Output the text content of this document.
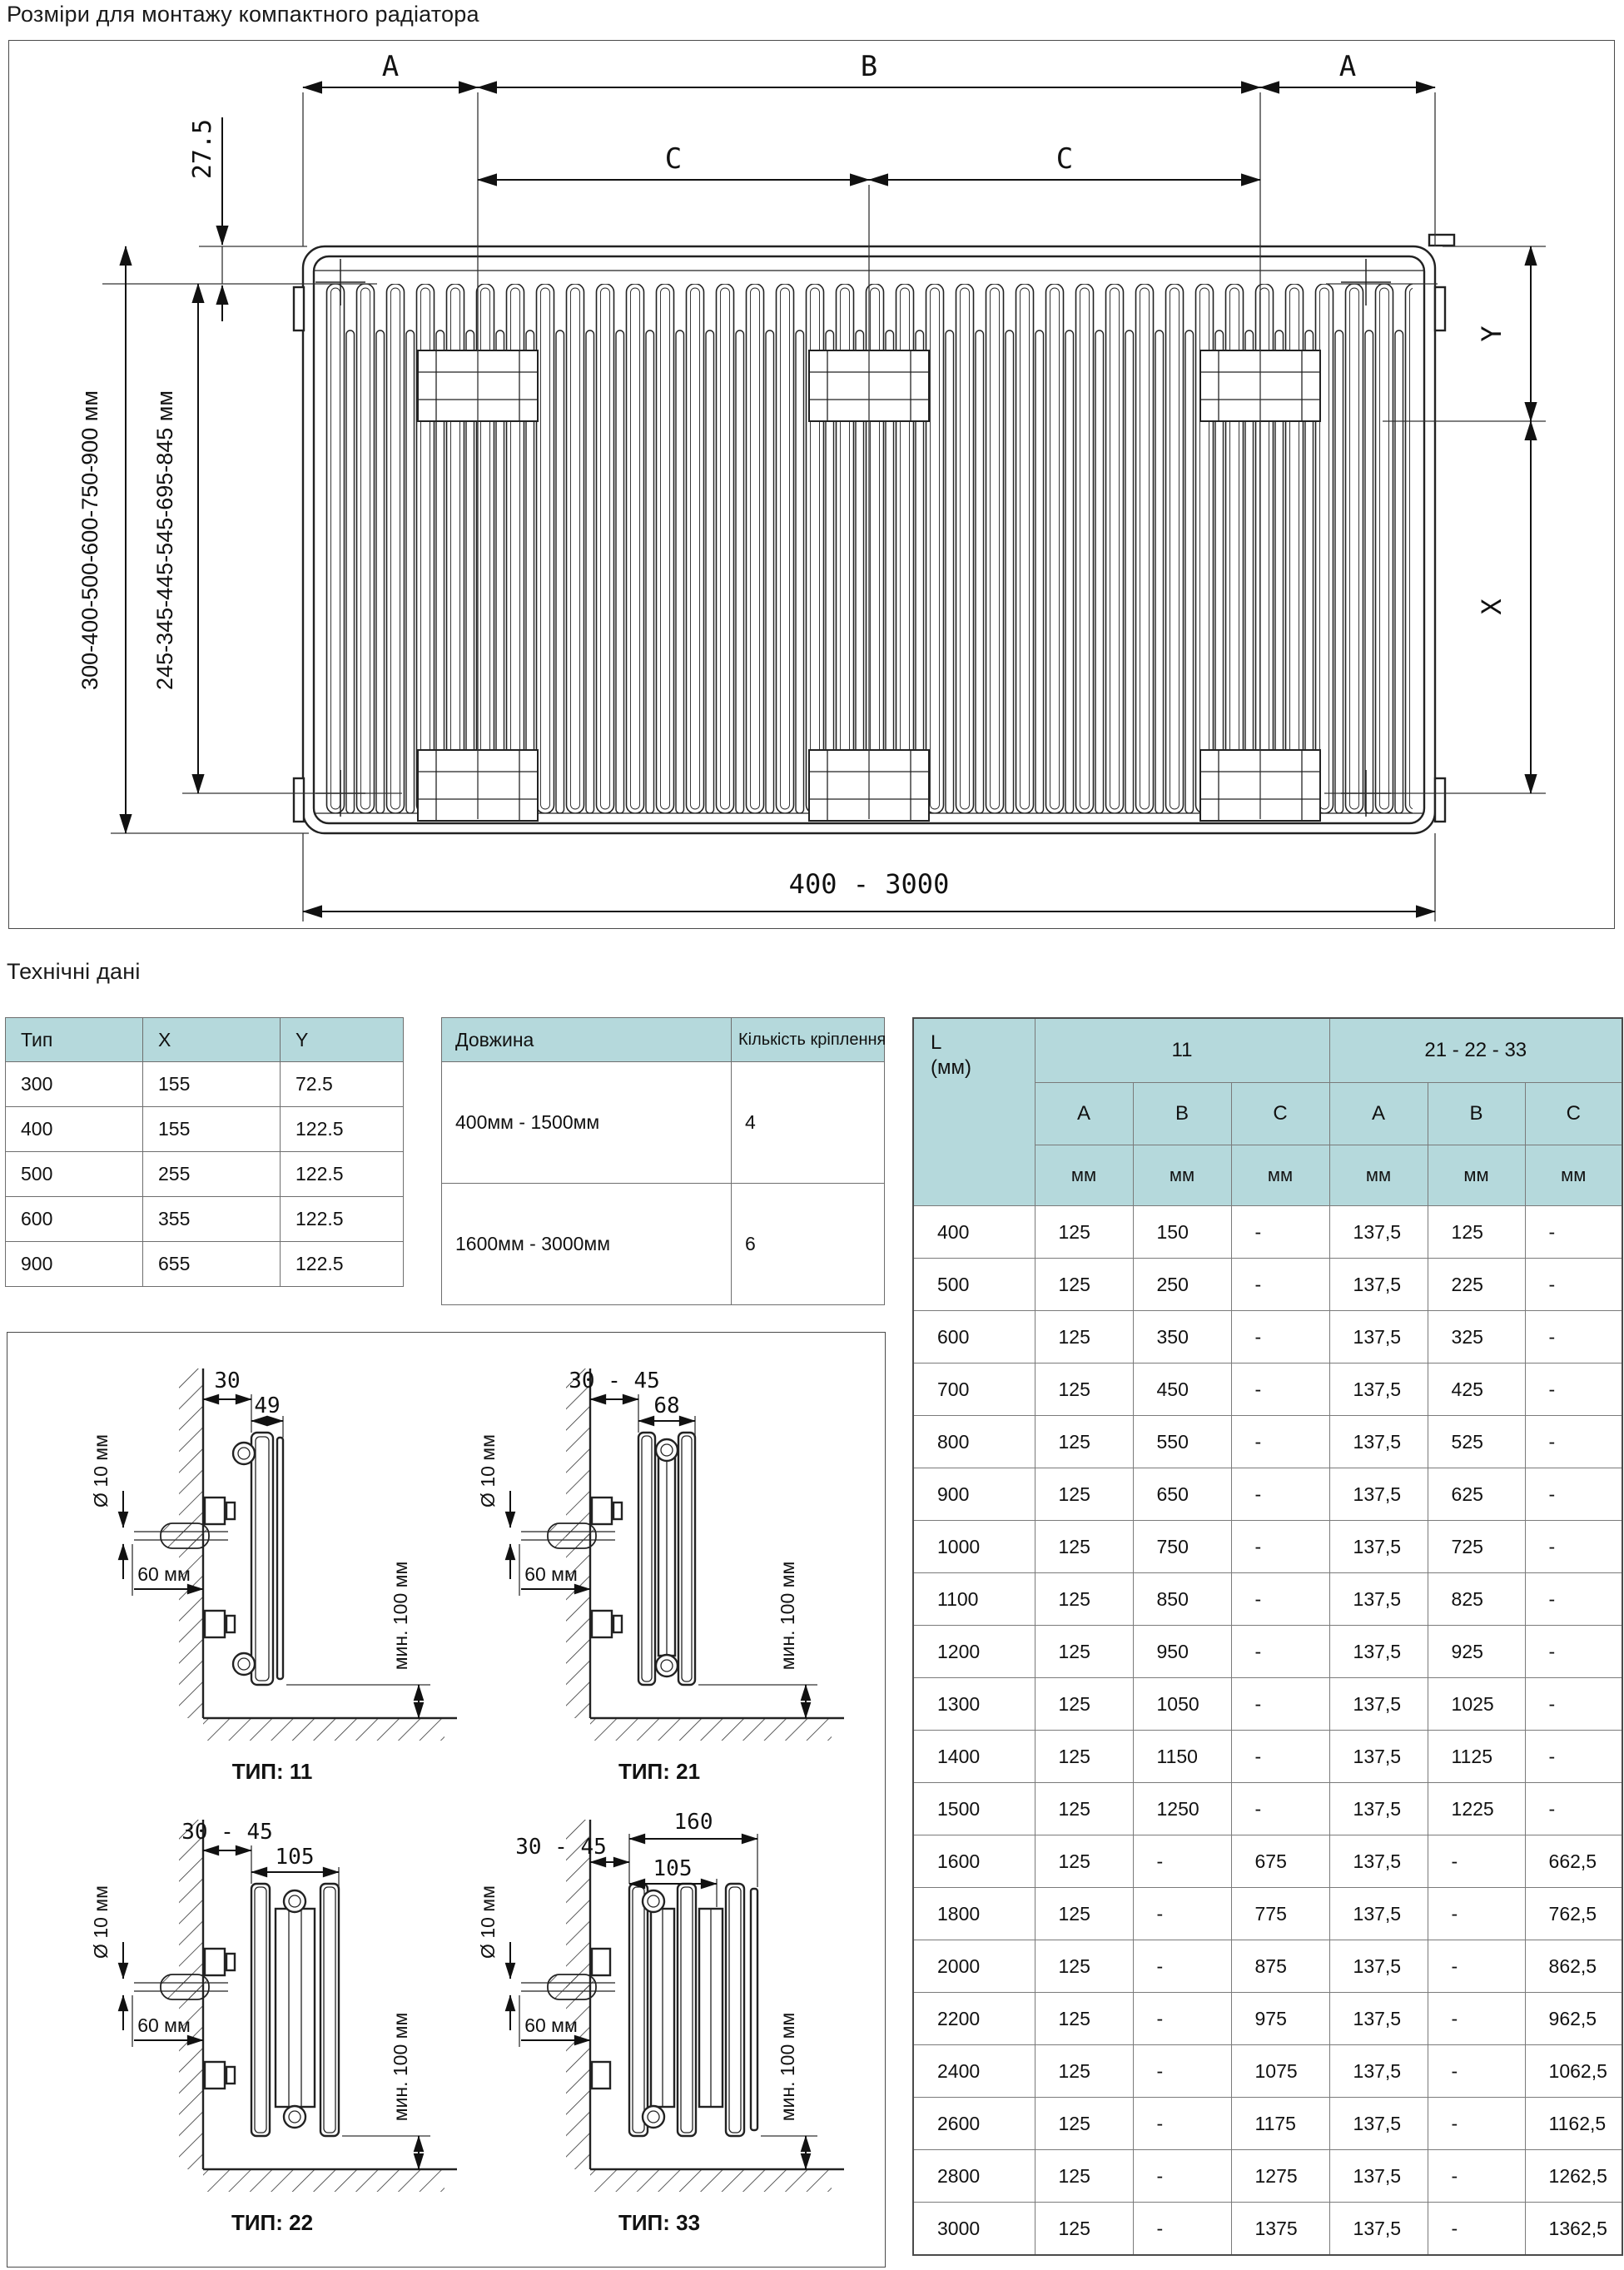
Розміри для монтажу компактного радіатора
A	B	A
C	C
27.5
300-400-500-600-750-900 мм 245-345-445-545-695-845 мм
Y
X
400 - 3000
Технічні дані
Тип	X	Y
300	155	72.5
400	155	122.5
500	255	122.5
600	355	122.5
900	655	122.5
Довжина	Кількість кріплення
400мм - 1500мм	4
1600мм - 3000мм	6
L
(мм)	11			21 - 22 - 33		
	A	B	C	A	B	C
	мм	мм	мм	мм	мм	мм
400	125	150	-	137,5	125	-
500	125	250	-	137,5	225	-
600	125	350	-	137,5	325	-
700	125	450	-	137,5	425	-
800	125	550	-	137,5	525	-
900	125	650	-	137,5	625	-
1000	125	750	-	137,5	725	-
1100	125	850	-	137,5	825	-
1200	125	950	-	137,5	925	-
1300	125	1050	-	137,5	1025	-
1400	125	1150	-	137,5	1125	-
1500	125	1250	-	137,5	1225	-
1600	125	-	675	137,5	-	662,5
1800	125	-	775	137,5	-	762,5
2000	125	-	875	137,5	-	862,5
2200	125	-	975	137,5	-	962,5
2400	125	-	1075	137,5	-	1062,5
2600	125	-	1175	137,5	-	1162,5
2800	125	-	1275	137,5	-	1262,5
3000	125	-	1375	137,5	-	1362,5
30
49
Ø 10 мм
60 мм	мин. 100 мм
ТИП: 11
30 - 45
68
Ø 10 мм
60 мм	мин. 100 мм
ТИП: 21
30 - 45
105
Ø 10 мм
60 мм	мин. 100 мм
ТИП: 22
160
30 - 45
105
Ø 10 мм
60 мм	мин. 100 мм
ТИП: 33
